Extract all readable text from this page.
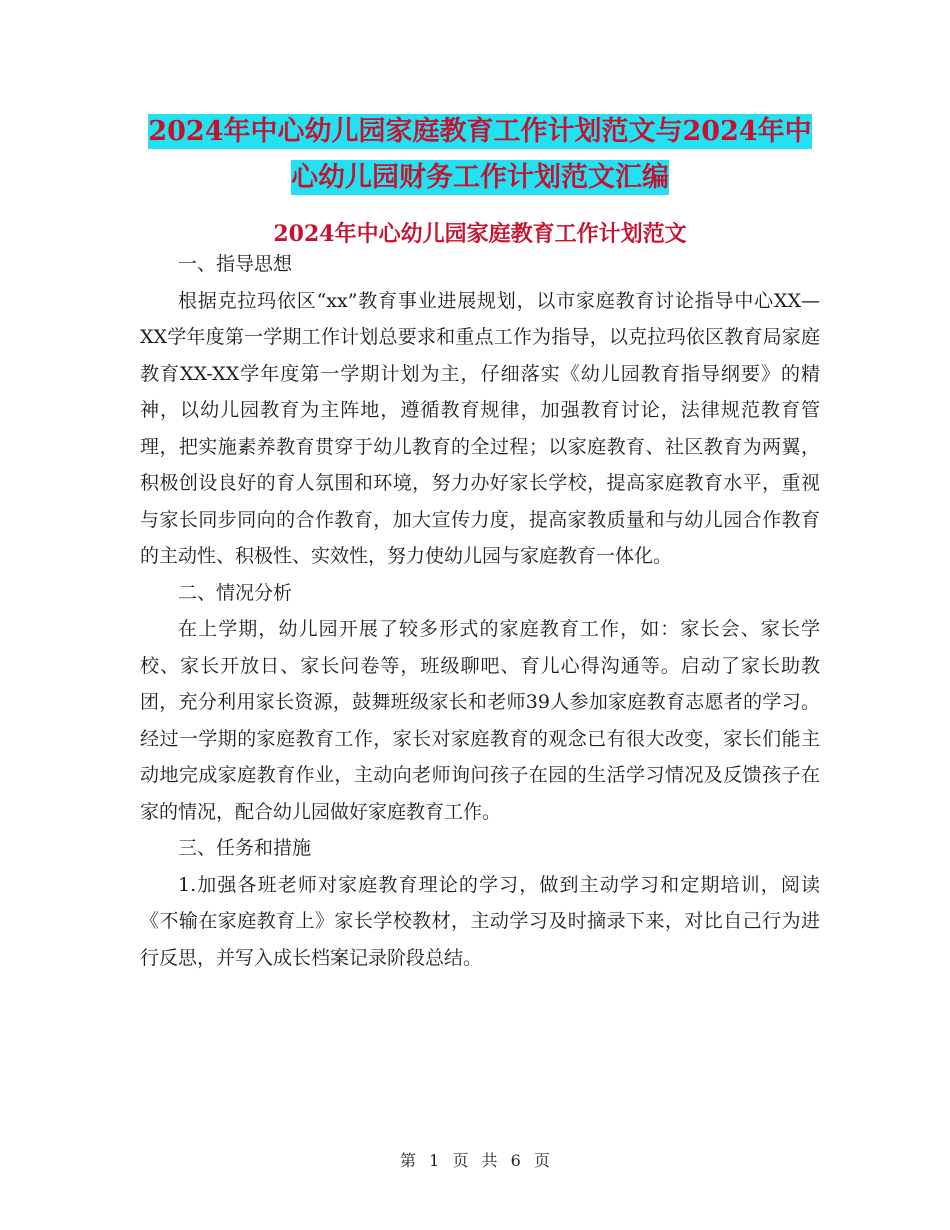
2024年中心幼儿园家庭教育工作计划范文与2024年中
心幼儿园财务工作计划范文汇编
2024年中心幼儿园家庭教育工作计划范文

一、指导思想

根据克拉玛依区“xx”教育事业进展规划，以市家庭教育讨论指导中心XX—XX学年度第一学期工作计划总要求和重点工作为指导，以克拉玛依区教育局家庭教育XX-XX学年度第一学期计划为主，仔细落实《幼儿园教育指导纲要》的精神，以幼儿园教育为主阵地，遵循教育规律，加强教育讨论，法律规范教育管理，把实施素养教育贯穿于幼儿教育的全过程；以家庭教育、社区教育为两翼，积极创设良好的育人氛围和环境，努力办好家长学校，提高家庭教育水平，重视与家长同步同向的合作教育，加大宣传力度，提高家教质量和与幼儿园合作教育的主动性、积极性、实效性，努力使幼儿园与家庭教育一体化。

二、情况分析

在上学期，幼儿园开展了较多形式的家庭教育工作，如：家长会、家长学校、家长开放日、家长问卷等，班级聊吧、育儿心得沟通等。启动了家长助教团，充分利用家长资源，鼓舞班级家长和老师39人参加家庭教育志愿者的学习。经过一学期的家庭教育工作，家长对家庭教育的观念已有很大改变，家长们能主动地完成家庭教育作业，主动向老师询问孩子在园的生活学习情况及反馈孩子在家的情况，配合幼儿园做好家庭教育工作。

三、任务和措施

1.加强各班老师对家庭教育理论的学习，做到主动学习和定期培训，阅读《不输在家庭教育上》家长学校教材，主动学习及时摘录下来，对比自己行为进行反思，并写入成长档案记录阶段总结。

第 1 页 共 6 页
